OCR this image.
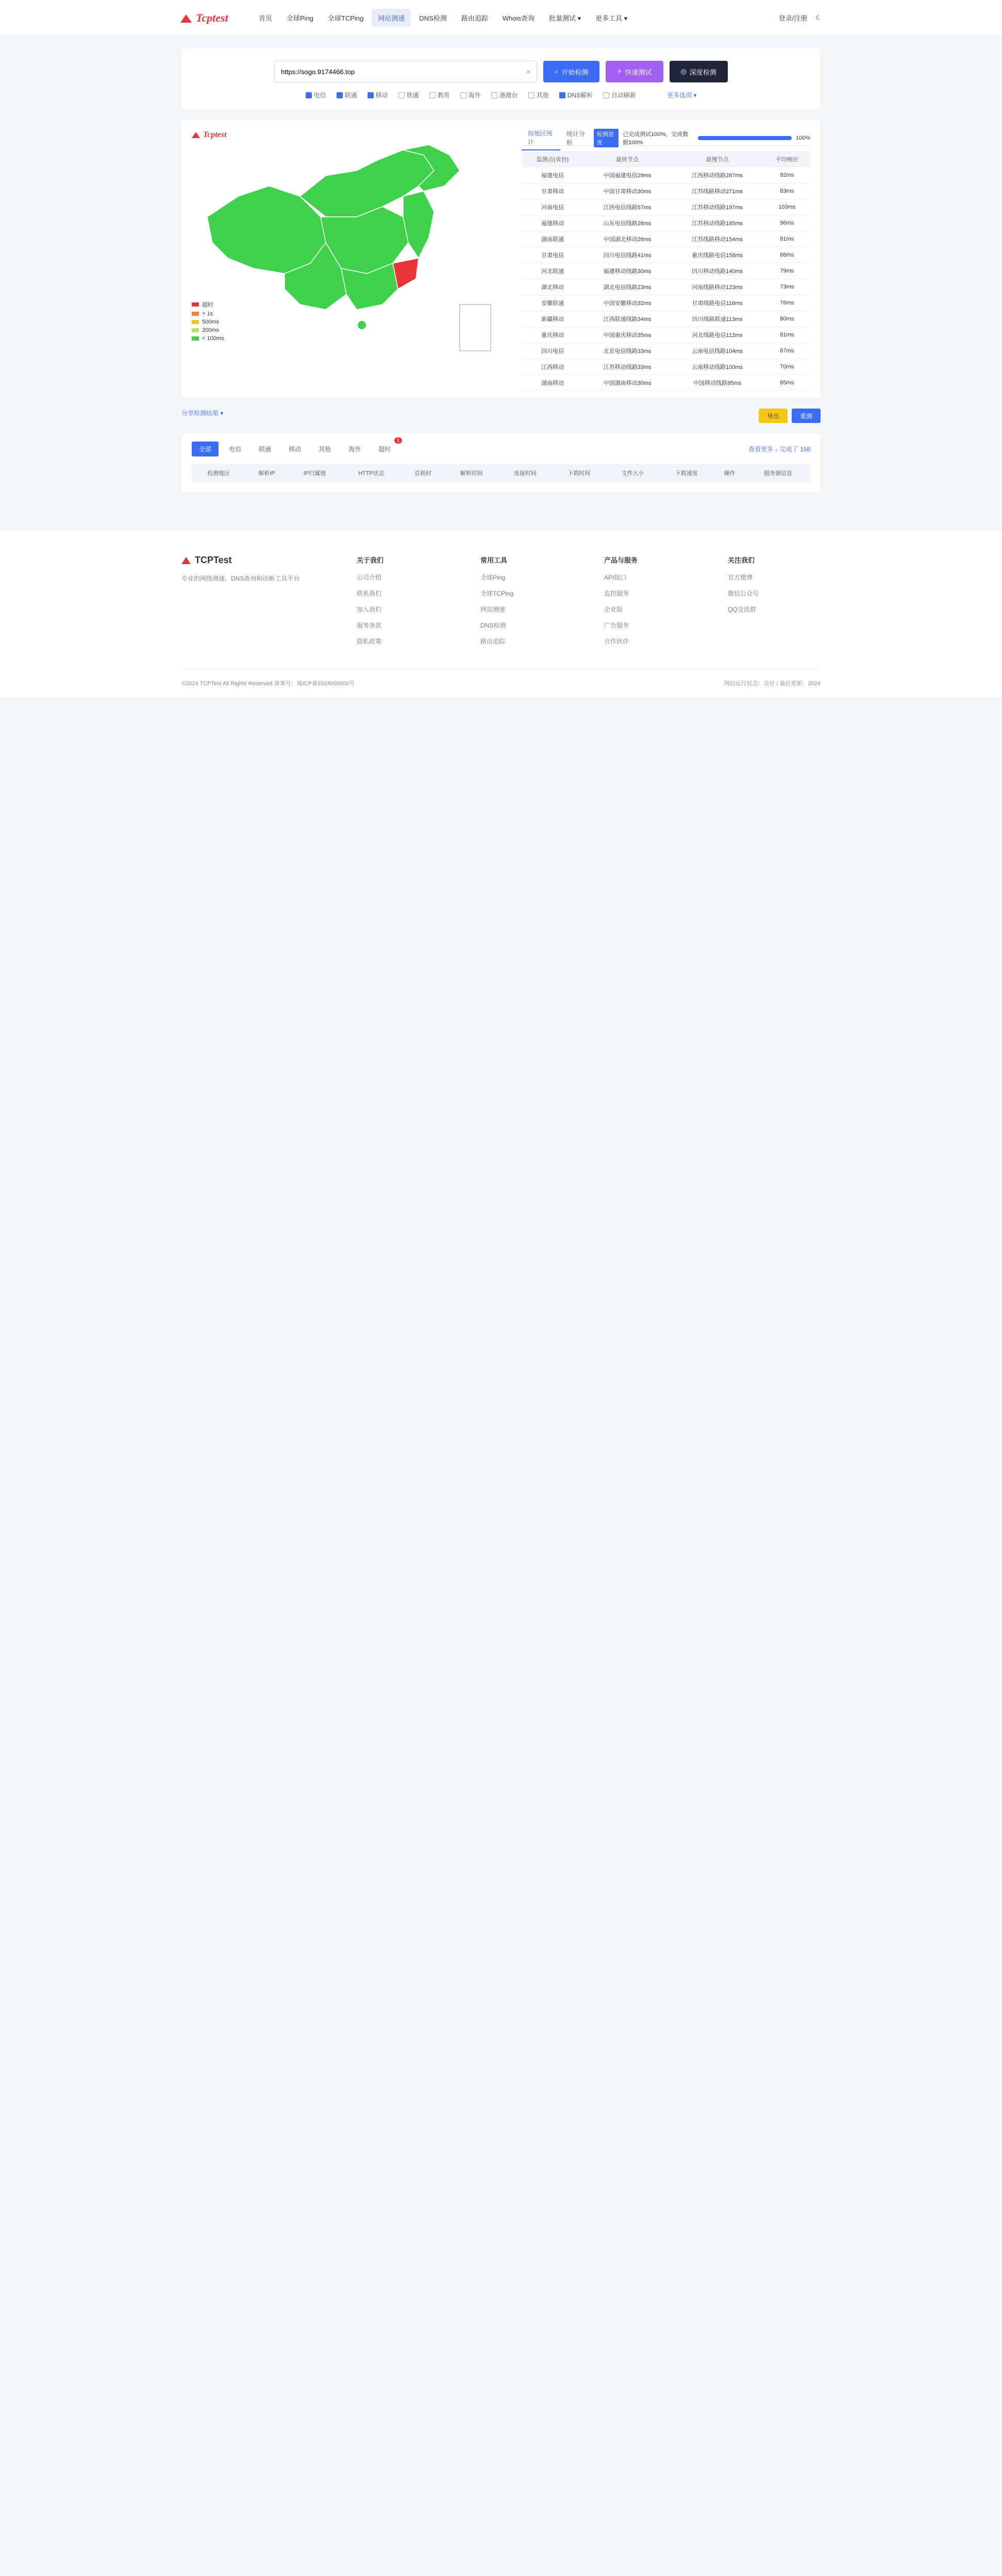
Tcptest	首页	全球Ping	全球TCPing	网站测速	DNS检测	路由追踪	Whois查询	批量测试 ▾	更多工具 ▾	登录/注册 ☾
https://sogo.9174466.top
×	⌕ 开始检测	⚡ 快速测试	◎ 深度检测
电信	联通	移动	铁通	教育	海外	港澳台	其他	DNS解析	自动刷新	更多选项 ▾
Tcptest
超时
> 1s
500ms
200ms
< 100ms
按地区统计
统计分析
检测进度
已完成测试100%，完成数据100%
100%
监测点(省份)	最快节点	最慢节点	平均响应
福建电信	中国福建电信29ms	江西移动线路287ms	92ms
甘肃移动	中国甘肃移动30ms	江苏线路移动271ms	83ms
河南电信	江西电信线路57ms	江苏移动线路197ms	103ms
福建移动	山东电信线路26ms	江苏移动线路185ms	96ms
湖南联通	中国湖北移动26ms	江苏线路移动154ms	81ms
甘肃电信	四川电信线路41ms	重庆线路电信158ms	68ms
河北联通	福建移动线路30ms	四川移动线路140ms	79ms
湖北移动	湖北电信线路23ms	河南线路移动123ms	73ms
安徽联通	中国安徽移动32ms	甘肃线路电信116ms	76ms
新疆移动	江西联通线路34ms	四川线路联通113ms	80ms
重庆移动	中国重庆移动35ms	河北线路电信112ms	81ms
四川电信	北京电信线路33ms	云南电信线路104ms	67ms
江西移动	江苏移动线路33ms	云南移动线路100ms	70ms
湖南移动	中国湖南移动30ms	中国移动线路95ms	65ms
分享检测结果 ▾	导出	重测
全部	电信	联通	移动	其他	海外	超时
1
查看更多 ↓ 完成了 158
检测地区	解析IP	IP归属地	HTTP状态	总耗时	解析时间	连接时间	下载时间	文件大小	下载速度	操作	服务器信息
TCPTest

专业的网络测速、DNS查询和诊断工具平台

关于我们
公司介绍
联系我们
加入我们
服务条款
隐私政策
常用工具
全球Ping
全球TCPing
网站测速
DNS检测
路由追踪
产品与服务
API接口
监控服务
企业版
广告服务
合作伙伴
关注我们
官方微博
微信公众号
QQ交流群
©2024 TCPTest All Rights Reserved 备案号：闽ICP备2024000000号	网站运行状态：良好 | 最后更新：2024
